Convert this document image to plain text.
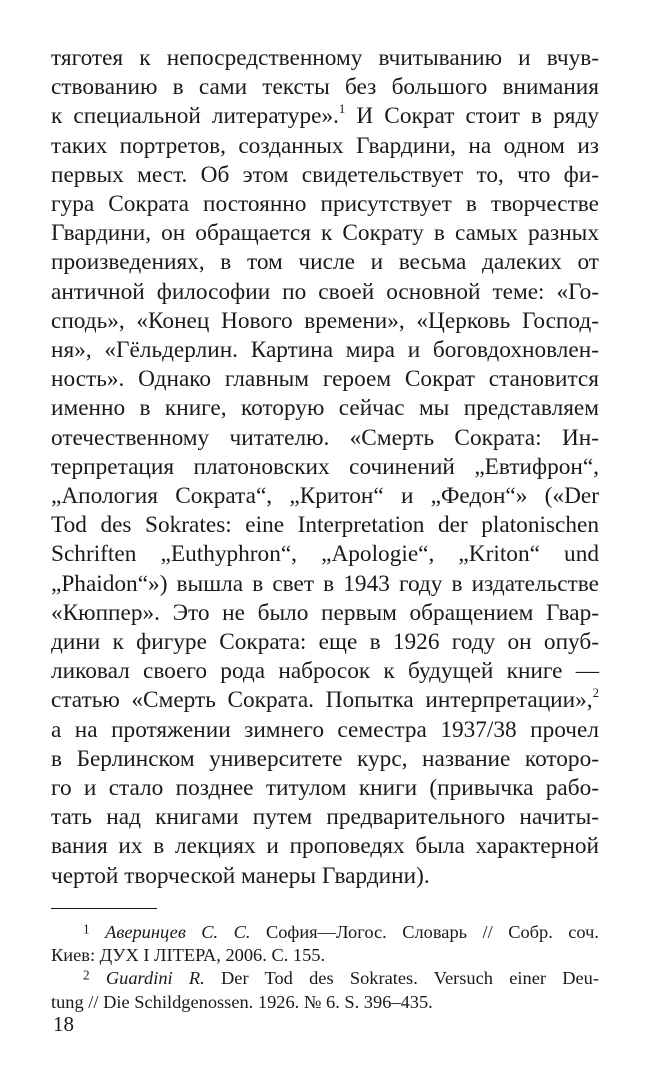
тяготея к непосредственному вчитыванию и вчув-
ствованию в сами тексты без большого внимания
к специальной литературе».$^1$ И Сократ стоит в ряду
таких портретов, созданных Гвардини, на одном из
первых мест. Об этом свидетельствует то, что фи-
гура Сократа постоянно присутствует в творчестве
Гвардини, он обращается к Сократу в самых разных
произведениях, в том числе и весьма далеких от
античной философии по своей основной теме: «Го-
сподь», «Конец Нового времени», «Церковь Господ-
ня», «Гёльдерлин. Картина мира и боговдохновлен-
ность». Однако главным героем Сократ становится
именно в книге, которую сейчас мы представляем
отечественному читателю. «Смерть Сократа: Ин-
терпретация платоновских сочинений „Евтифрон“,
„Апология Сократа“, „Критон“ и „Федон“» («Der
Tod des Sokrates: eine Interpretation der platonischen
Schriften „Euthyphron“, „Apologie“, „Kriton“ und
„Phaidon“») вышла в свет в 1943 году в издательстве
«Кюппер». Это не было первым обращением Гвар-
дини к фигуре Сократа: еще в 1926 году он опуб-
ликовал своего рода набросок к будущей книге —
статью «Смерть Сократа. Попытка интерпретации»,$^2$
а на протяжении зимнего семестра 1937/38 прочел
в Берлинском университете курс, название которо-
го и стало позднее титулом книги (привычка рабо-
тать над книгами путем предварительного начиты-
вания их в лекциях и проповедях была характерной
чертой творческой манеры Гвардини).
$^1$ Аверинцев С. С. София—Логос. Словарь // Собр. соч.
Киев: ДУХ І ЛІТЕРА, 2006. С. 155.
$^2$ Guardini R. Der Tod des Sokrates. Versuch einer Deu-
tung // Die Schildgenossen. 1926. № 6. S. 396–435.
18
